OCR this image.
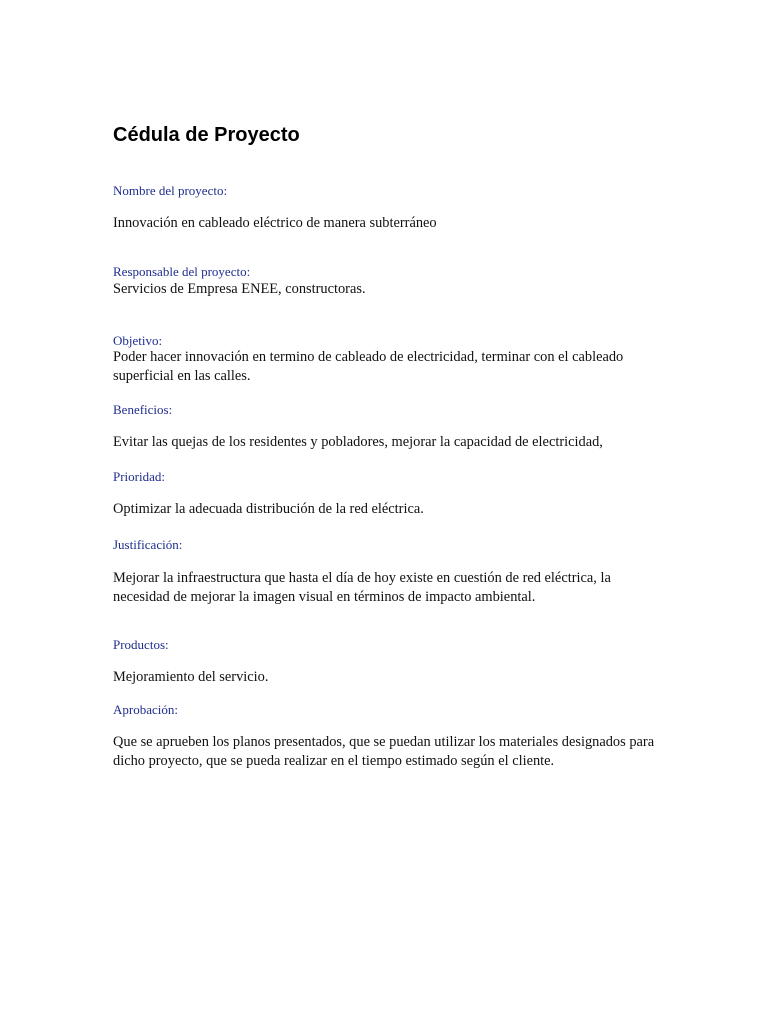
Cédula de Proyecto
Nombre del proyecto:
Innovación en cableado eléctrico de manera subterráneo
Responsable del proyecto:
Servicios de Empresa ENEE, constructoras.
Objetivo:
Poder hacer innovación en termino de cableado de electricidad, terminar con el cableado superficial en las calles.
Beneficios:
Evitar las quejas de los residentes y pobladores, mejorar la capacidad de electricidad,
Prioridad:
Optimizar la adecuada distribución de la red eléctrica.
Justificación:
Mejorar la infraestructura que hasta el día de hoy existe en cuestión de red eléctrica, la necesidad de mejorar la imagen visual en términos de impacto ambiental.
Productos:
Mejoramiento del servicio.
Aprobación:
Que se aprueben los planos presentados, que se puedan utilizar los materiales designados para dicho proyecto, que se pueda realizar en el tiempo estimado según el cliente.
